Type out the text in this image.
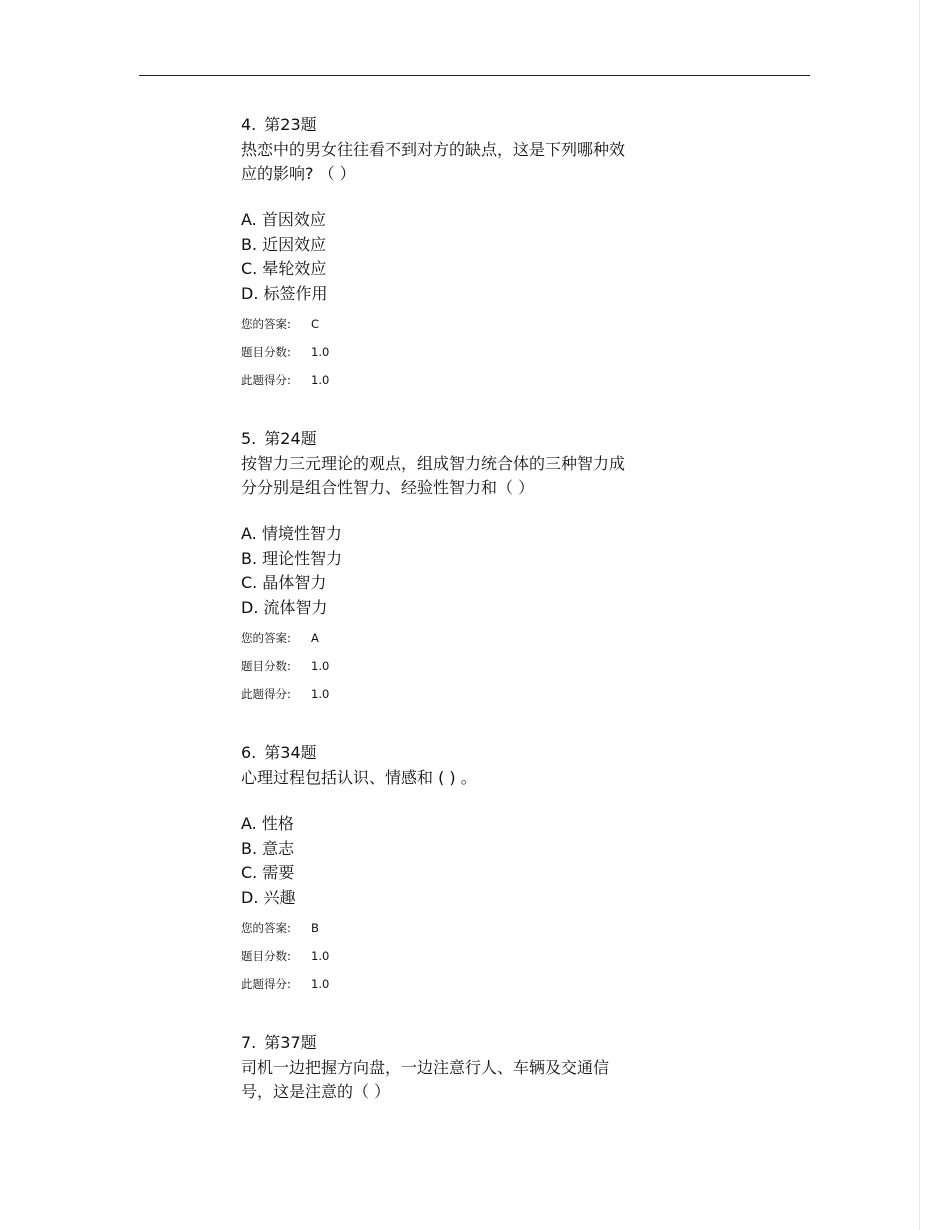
4. 第23题
热恋中的男女往往看不到对方的缺点，这是下列哪种效
应的影响? （ ）
A. 首因效应
B. 近因效应
C. 晕轮效应
D. 标签作用
您的答案: C
题目分数: 1.0
此题得分: 1.0
5. 第24题
按智力三元理论的观点，组成智力统合体的三种智力成
分分别是组合性智力、经验性智力和（ ）
A. 情境性智力
B. 理论性智力
C. 晶体智力
D. 流体智力
您的答案: A
题目分数: 1.0
此题得分: 1.0
6. 第34题
心理过程包括认识、情感和 ( ) 。
A. 性格
B. 意志
C. 需要
D. 兴趣
您的答案: B
题目分数: 1.0
此题得分: 1.0
7. 第37题
司机一边把握方向盘，一边注意行人、车辆及交通信
号，这是注意的（ ）
